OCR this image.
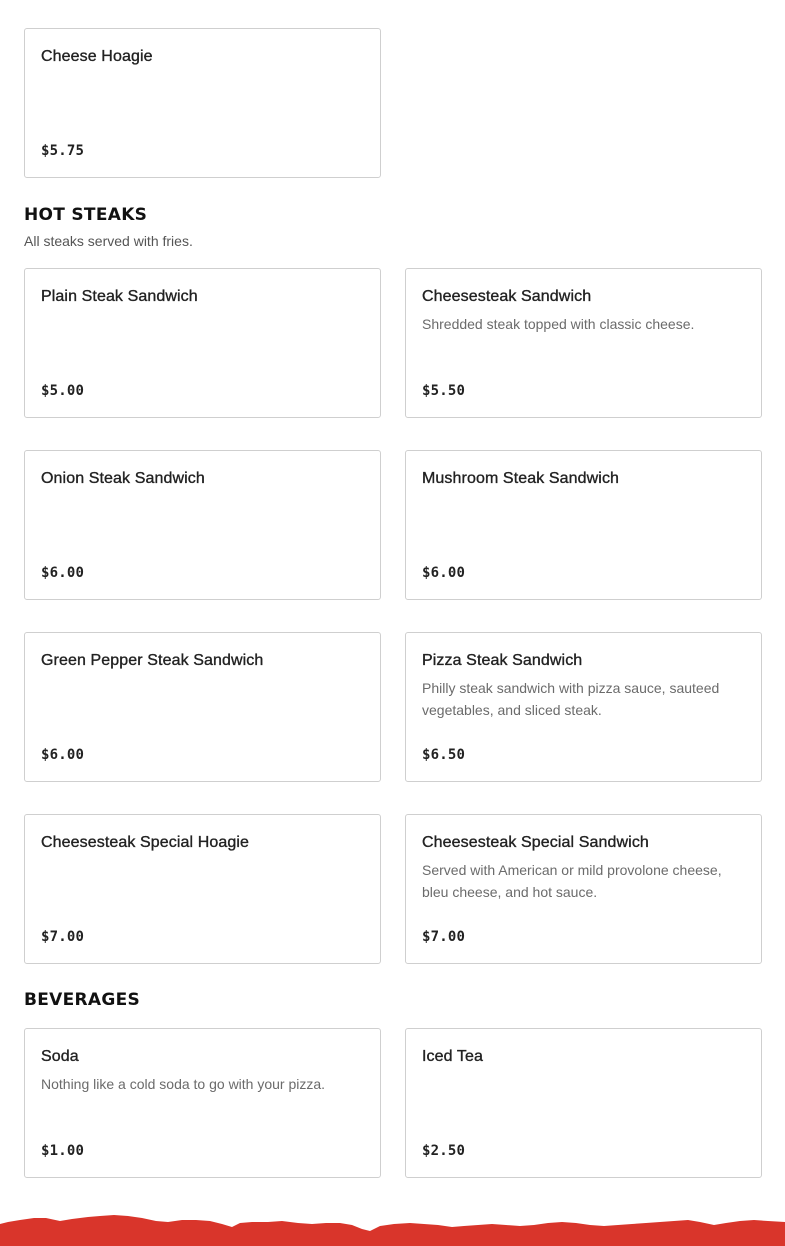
Cheese Hoagie
$5.75
HOT STEAKS
All steaks served with fries.
Plain Steak Sandwich
$5.00
Cheesesteak Sandwich
Shredded steak topped with classic cheese.
$5.50
Onion Steak Sandwich
$6.00
Mushroom Steak Sandwich
$6.00
Green Pepper Steak Sandwich
$6.00
Pizza Steak Sandwich
Philly steak sandwich with pizza sauce, sauteed vegetables, and sliced steak.
$6.50
Cheesesteak Special Hoagie
$7.00
Cheesesteak Special Sandwich
Served with American or mild provolone cheese, bleu cheese, and hot sauce.
$7.00
BEVERAGES
Soda
Nothing like a cold soda to go with your pizza.
$1.00
Iced Tea
$2.50
